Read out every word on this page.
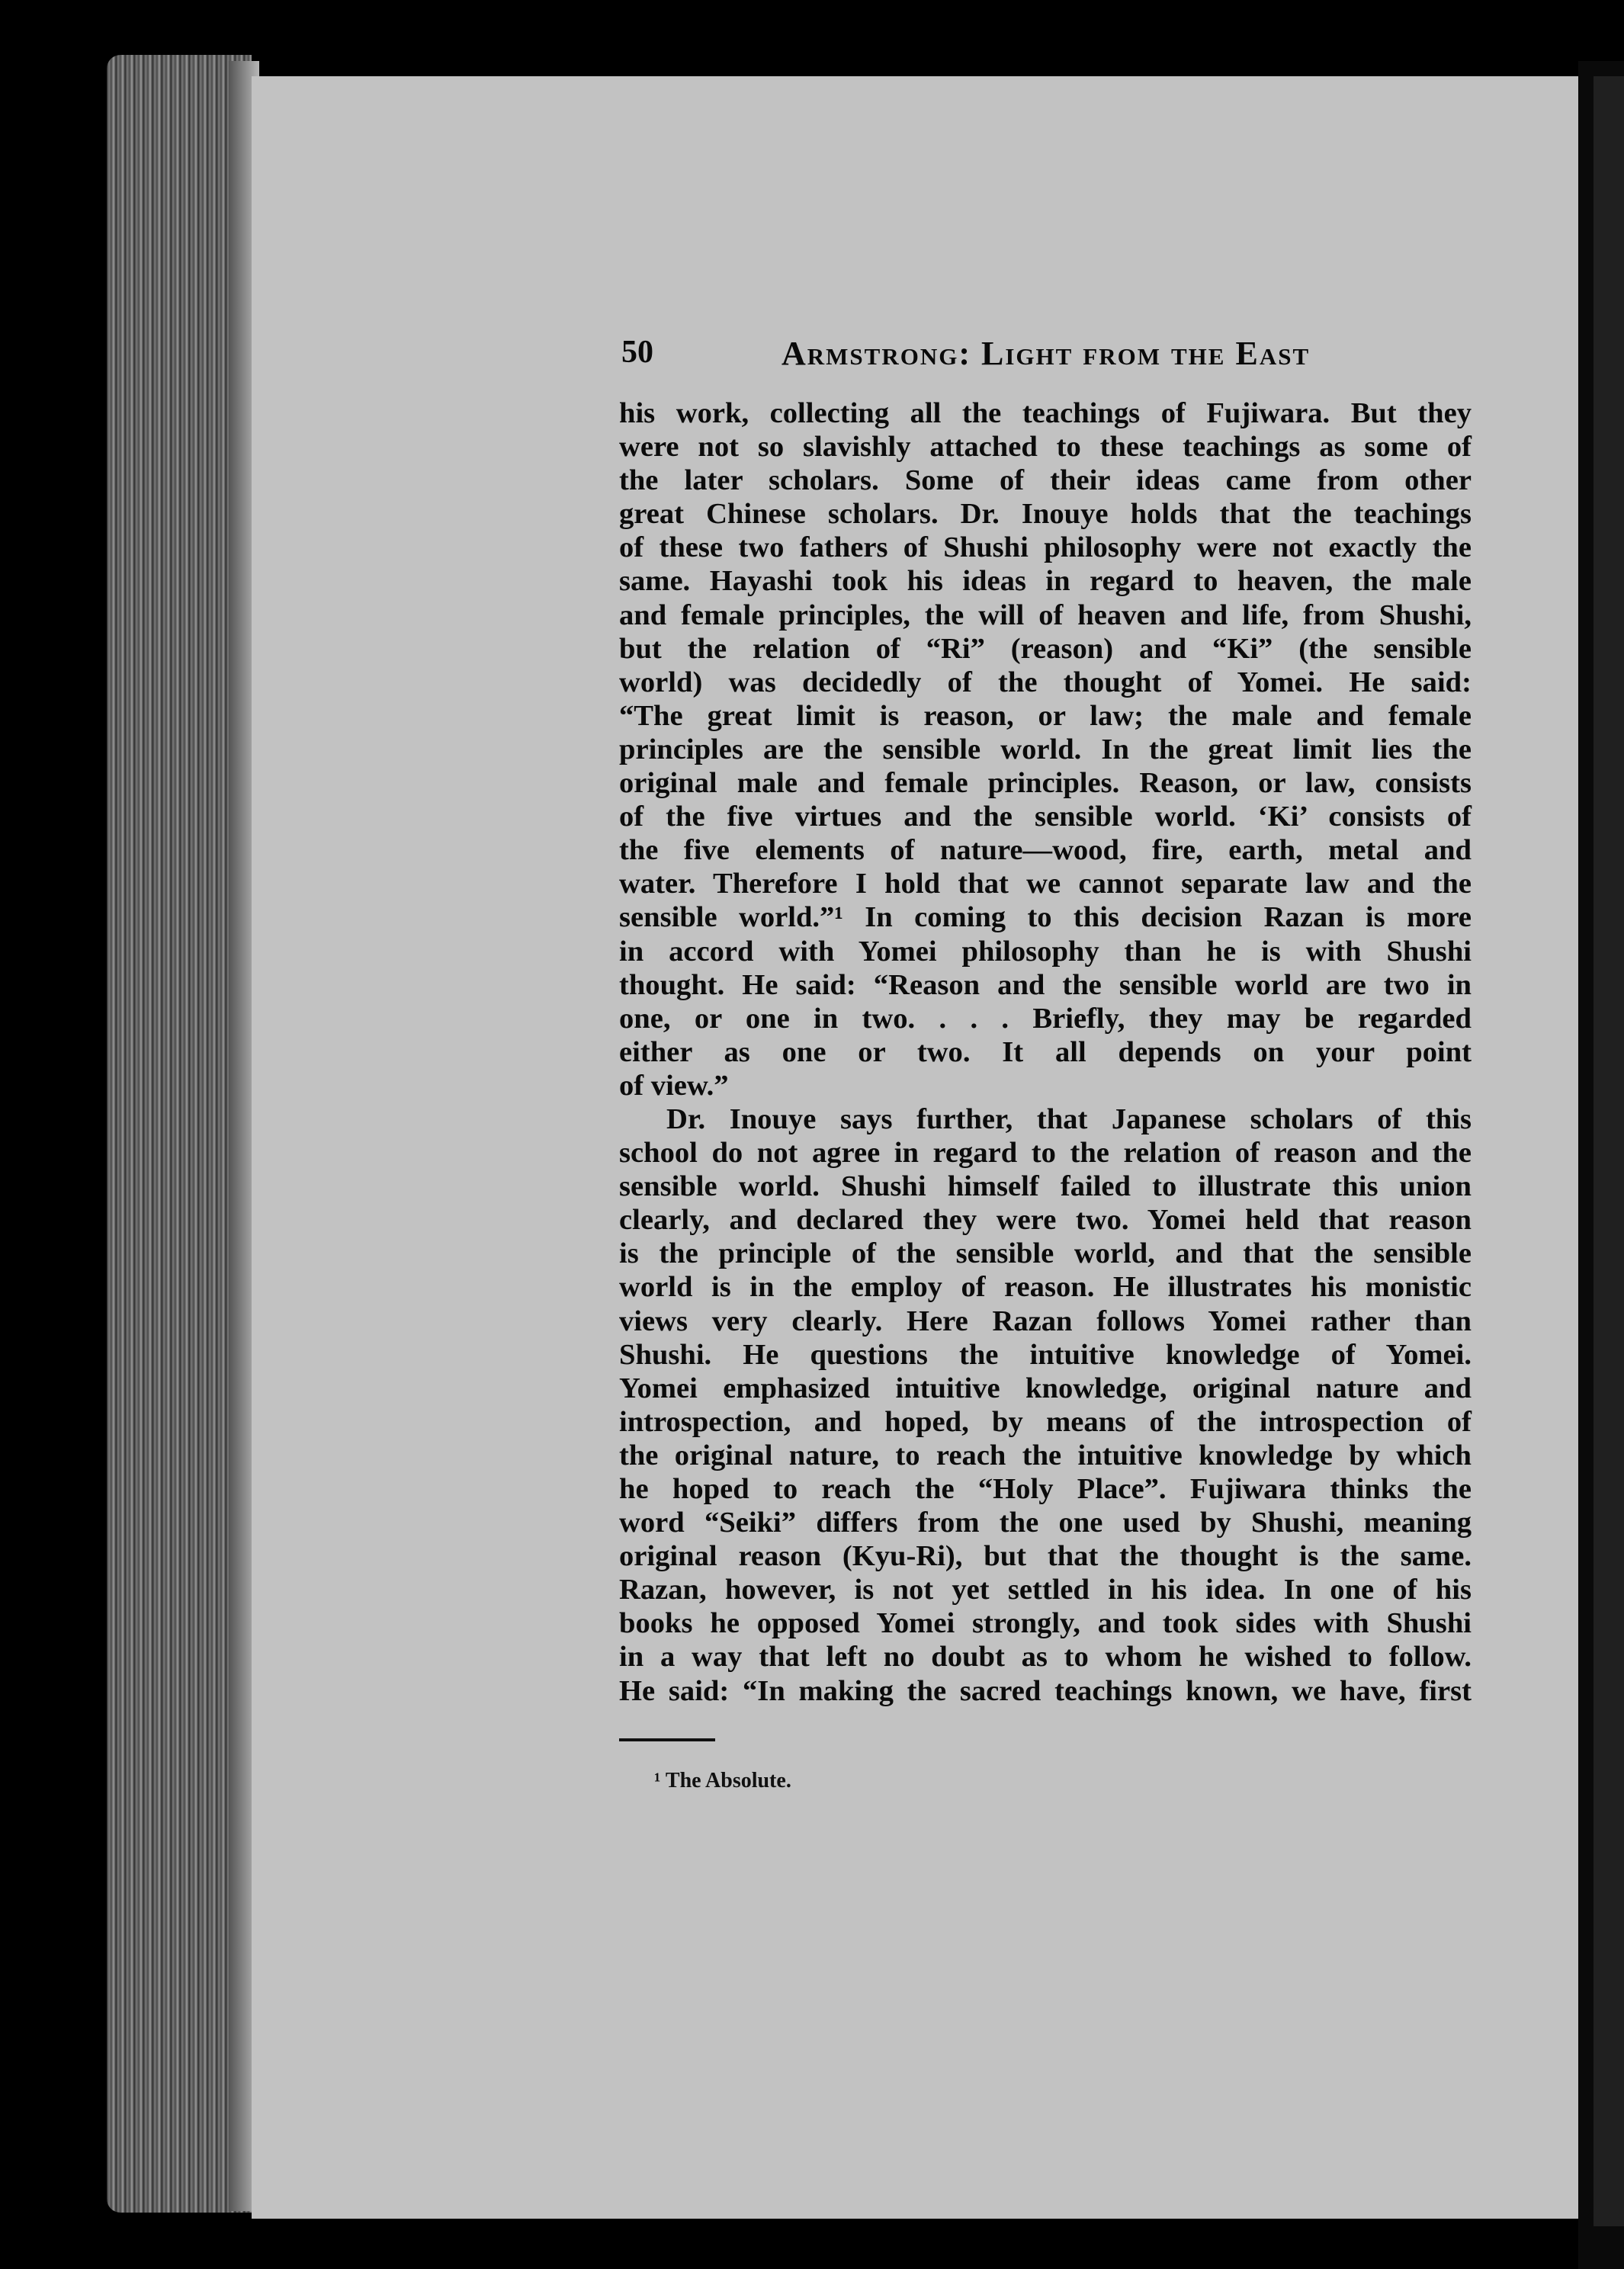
50	Armstrong: Light from the East
his work, collecting all the teachings of Fujiwara. But they
were not so slavishly attached to these teachings as some of
the later scholars. Some of their ideas came from other
great Chinese scholars. Dr. Inouye holds that the teachings
of these two fathers of Shushi philosophy were not exactly the
same. Hayashi took his ideas in regard to heaven, the male
and female principles, the will of heaven and life, from Shushi,
but the relation of “Ri” (reason) and “Ki” (the sensible
world) was decidedly of the thought of Yomei. He said:
“The great limit is reason, or law; the male and female
principles are the sensible world. In the great limit lies the
original male and female principles. Reason, or law, consists
of the five virtues and the sensible world. ‘Ki’ consists of
the five elements of nature—wood, fire, earth, metal and
water. Therefore I hold that we cannot separate law and the
sensible world.”¹ In coming to this decision Razan is more
in accord with Yomei philosophy than he is with Shushi
thought. He said: “Reason and the sensible world are two in
one, or one in two. . . . Briefly, they may be regarded
either as one or two. It all depends on your point
of view.”
Dr. Inouye says further, that Japanese scholars of this
school do not agree in regard to the relation of reason and the
sensible world. Shushi himself failed to illustrate this union
clearly, and declared they were two. Yomei held that reason
is the principle of the sensible world, and that the sensible
world is in the employ of reason. He illustrates his monistic
views very clearly. Here Razan follows Yomei rather than
Shushi. He questions the intuitive knowledge of Yomei.
Yomei emphasized intuitive knowledge, original nature and
introspection, and hoped, by means of the introspection of
the original nature, to reach the intuitive knowledge by which
he hoped to reach the “Holy Place”. Fujiwara thinks the
word “Seiki” differs from the one used by Shushi, meaning
original reason (Kyu-Ri), but that the thought is the same.
Razan, however, is not yet settled in his idea. In one of his
books he opposed Yomei strongly, and took sides with Shushi
in a way that left no doubt as to whom he wished to follow.
He said: “In making the sacred teachings known, we have, first
¹ The Absolute.
